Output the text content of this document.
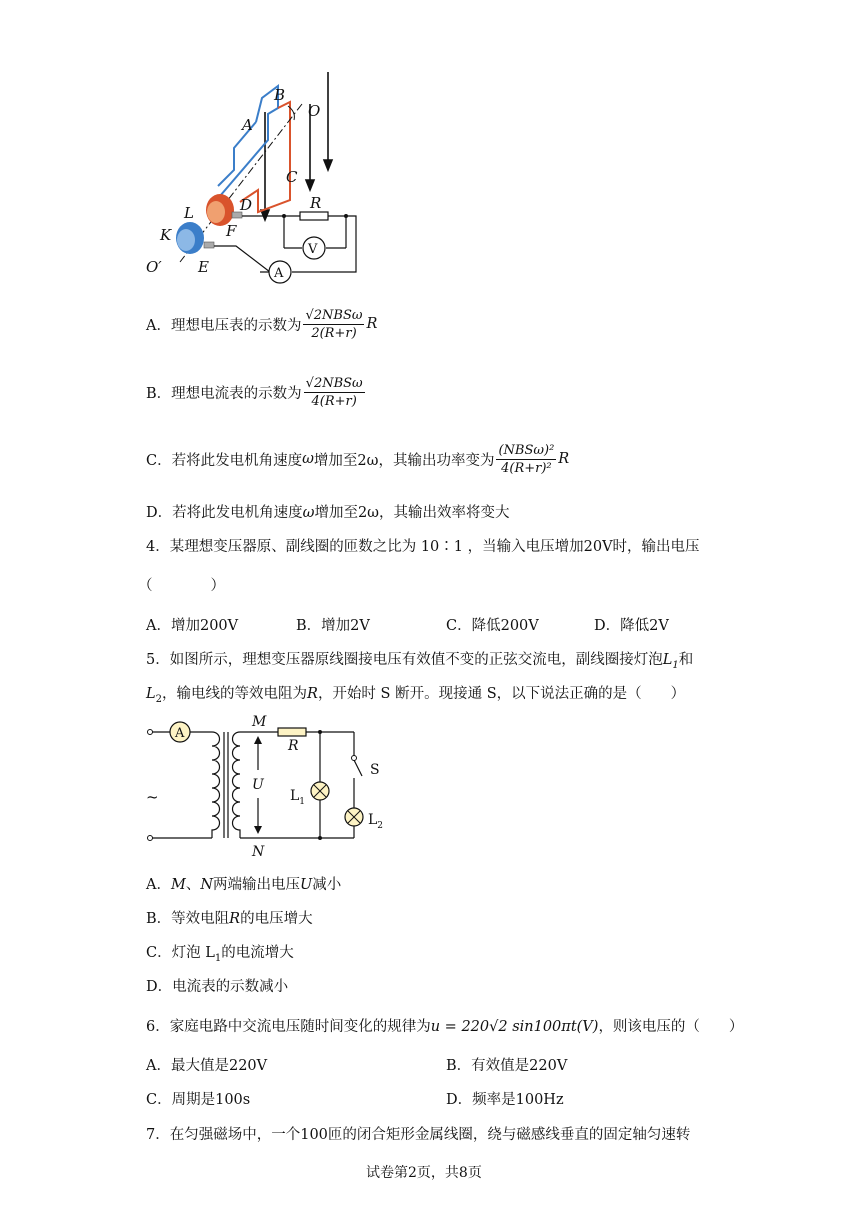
B
A
O
C
D
L
F
K
O′ E
R
V
A
A．理想电压表的示数为 $\frac{\text{√2NBSω}}{2(R+r)}$ R
B．理想电流表的示数为 $\frac{\text{√2NBSω}}{4(R+r)}$
C．若将此发电机角速度 ω 增加至2ω，其输出功率变为 $\frac{\text{(NBSω)²}}{\text{4(R+r)²}}$ R
D．若将此发电机角速度ω增加至2ω，其输出效率将变大
4．某理想变压器原、副线圈的匝数之比为 10∶1 ，当输入电压增加20V时，输出电压
（　　　　）
A．增加200V	B．增加2V	C．降低200V	D．降低2V
5．如图所示，理想变压器原线圈接电压有效值不变的正弦交流电，副线圈接灯泡$L_1$和
$L_2$，输电线的等效电阻为R，开始时 S 断开。现接通 S，以下说法正确的是（　　）
A
M
R
U
S
$L_1$
$L_2$
N
~
A．M、N两端输出电压U减小
B．等效电阻R的电压增大
C．灯泡 $L_1$的电流增大
D．电流表的示数减小
6．家庭电路中交流电压随时间变化的规律为u = 220√2 sin100πt(V)，则该电压的（　　）
A．最大值是220V	B．有效值是220V
C．周期是100s	D．频率是100Hz
7．在匀强磁场中，一个100匝的闭合矩形金属线圈，绕与磁感线垂直的固定轴匀速转
试卷第2页，共8页
